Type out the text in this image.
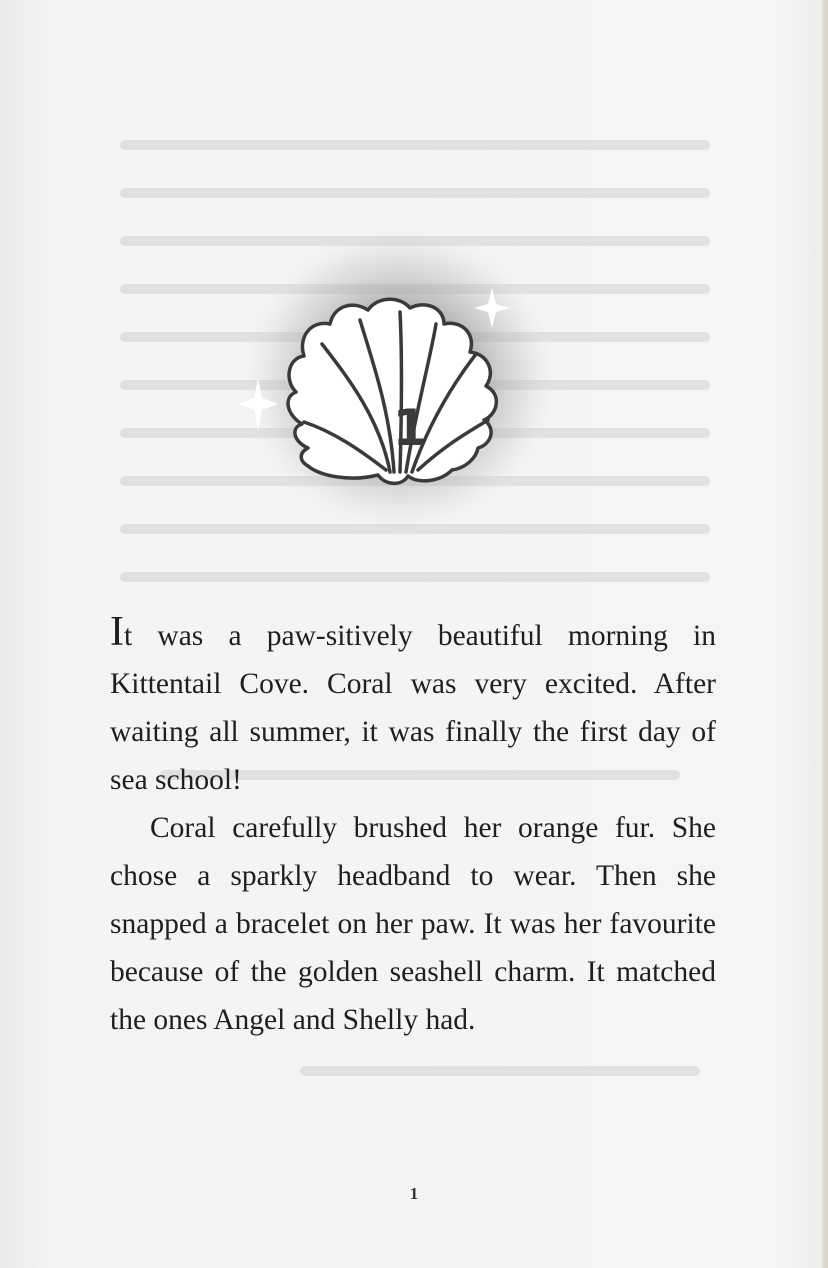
1

It was a paw-sitively beautiful morning in Kittentail Cove. Coral was very excited. After waiting all summer, it was finally the first day of sea school!

Coral carefully brushed her orange fur. She chose a sparkly headband to wear. Then she snapped a bracelet on her paw. It was her favourite because of the golden seashell charm. It matched the ones Angel and Shelly had.

1
